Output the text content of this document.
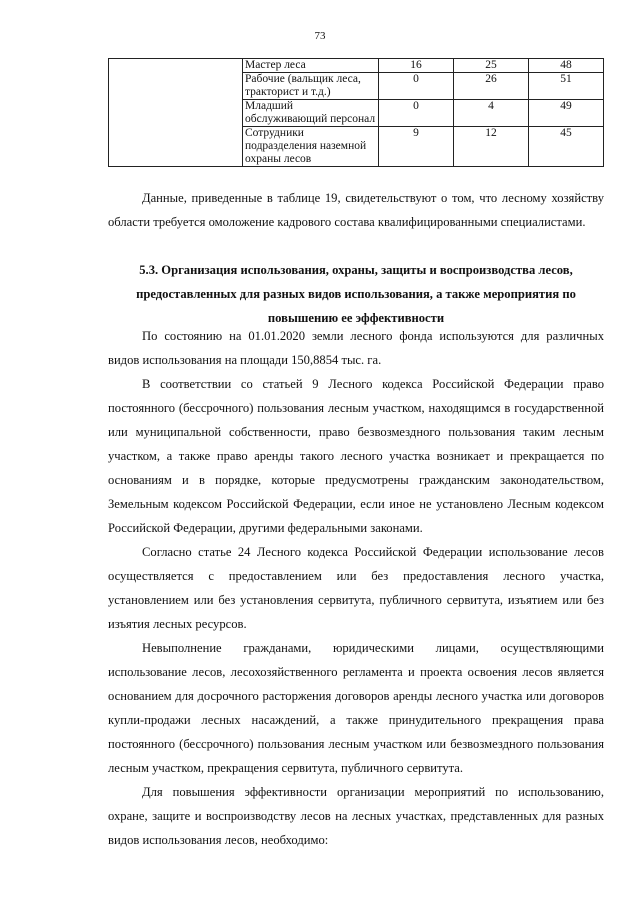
73
	Мастер леса	16	25	48
	Рабочие (вальщик леса, тракторист и т.д.)	0	26	51
	Младший обслуживающий персонал	0	4	49
	Сотрудники подразделения наземной охраны лесов	9	12	45

Данные, приведенные в таблице 19, свидетельствуют о том, что лесному хозяйству области требуется омоложение кадрового состава квалифицированными специалистами.

5.3. Организация использования, охраны, защиты и воспроизводства лесов, предоставленных для разных видов использования, а также мероприятия по повышению ее эффективности

По состоянию на 01.01.2020 земли лесного фонда используются для различных видов использования на площади 150,8854 тыс. га.

В соответствии со статьей 9 Лесного кодекса Российской Федерации право постоянного (бессрочного) пользования лесным участком, находящимся в государственной или муниципальной собственности, право безвозмездного пользования таким лесным участком, а также право аренды такого лесного участка возникает и прекращается по основаниям и в порядке, которые предусмотрены гражданским законодательством, Земельным кодексом Российской Федерации, если иное не установлено Лесным кодексом Российской Федерации, другими федеральными законами.

Согласно статье 24 Лесного кодекса Российской Федерации использование лесов осуществляется с предоставлением или без предоставления лесного участка, установлением или без установления сервитута, публичного сервитута, изъятием или без изъятия лесных ресурсов.

Невыполнение гражданами, юридическими лицами, осуществляющими использование лесов, лесохозяйственного регламента и проекта освоения лесов является основанием для досрочного расторжения договоров аренды лесного участка или договоров купли-продажи лесных насаждений, а также принудительного прекращения права постоянного (бессрочного) пользования лесным участком или безвозмездного пользования лесным участком, прекращения сервитута, публичного сервитута.

Для повышения эффективности организации мероприятий по использованию, охране, защите и воспроизводству лесов на лесных участках, представленных для разных видов использования лесов, необходимо:
